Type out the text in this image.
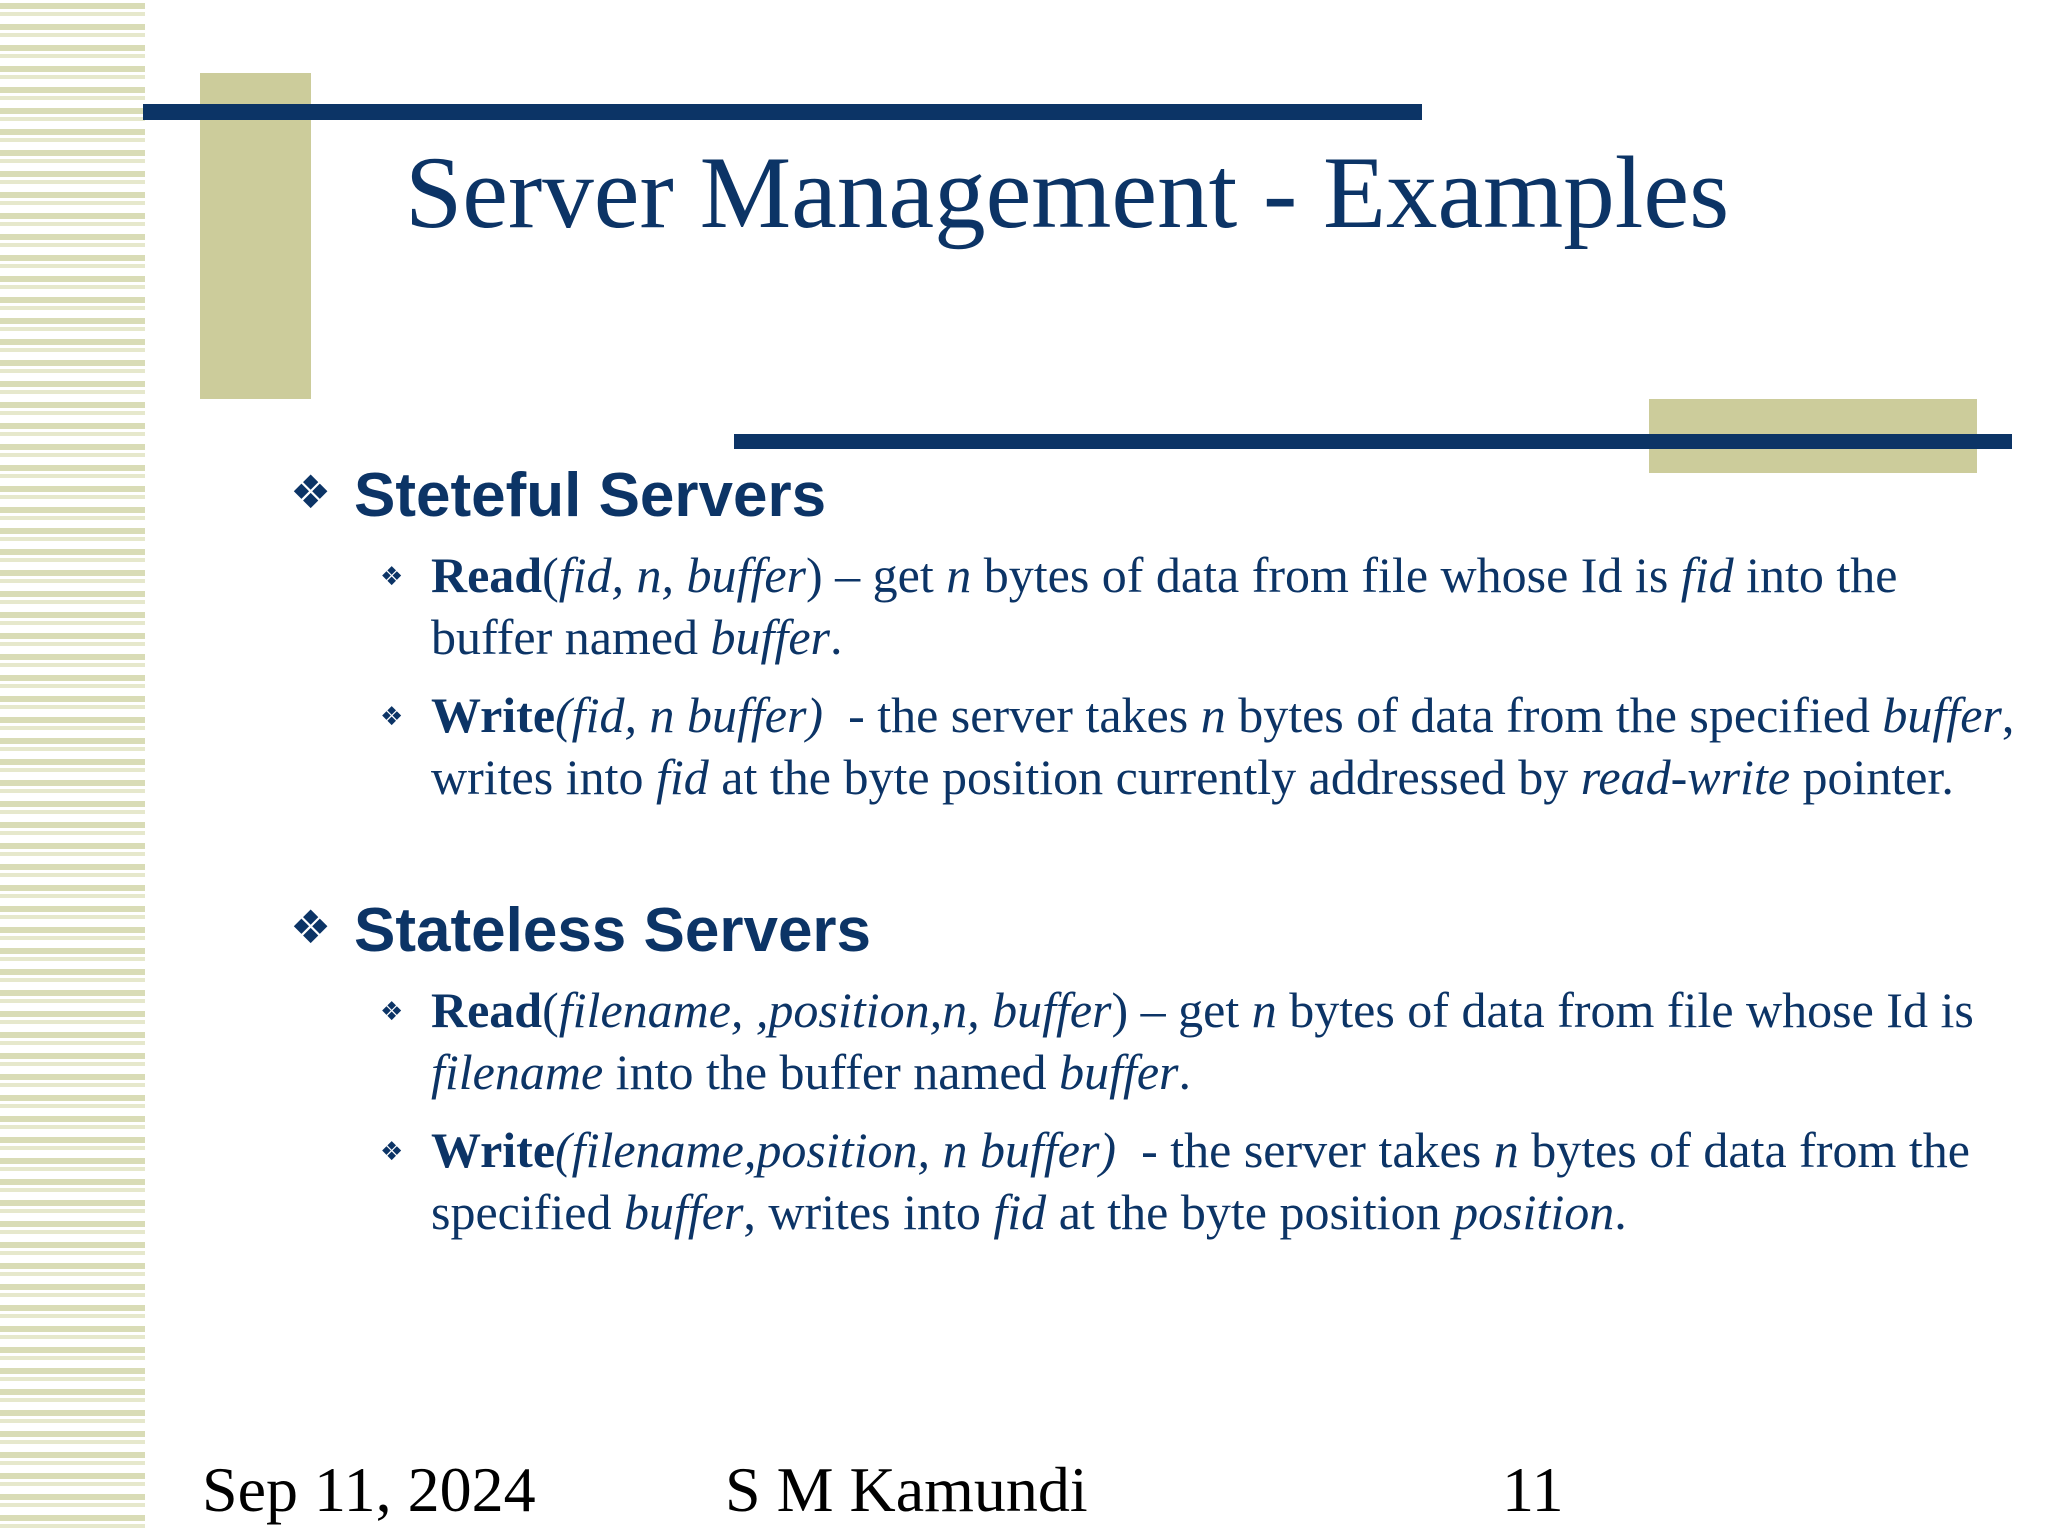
Server Management - Examples
❖ Steteful Servers
❖ Read(fid, n, buffer) – get n bytes of data from file whose Id is fid into the buffer named buffer.
❖ Write(fid, n buffer)  - the server takes n bytes of data from the specified buffer, writes into fid at the byte position currently addressed by read-write pointer.
❖ Stateless Servers
❖ Read(filename, ,position,n, buffer) – get n bytes of data from file whose Id is filename into the buffer named buffer.
❖ Write(filename,position, n buffer)  - the server takes n bytes of data from the specified buffer, writes into fid at the byte position position.
Sep 11, 2024	S M Kamundi	11
